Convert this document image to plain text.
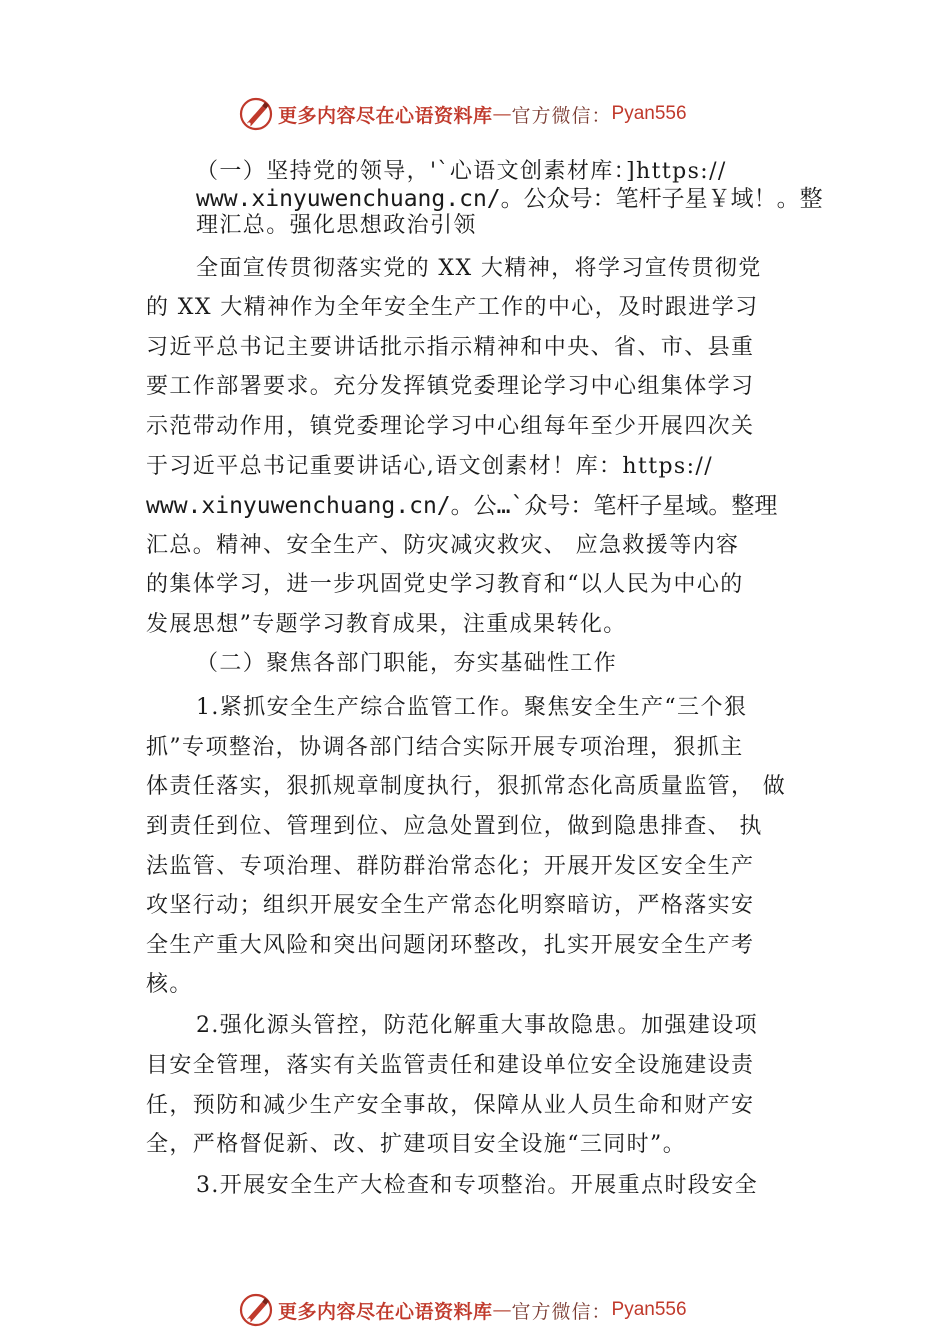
更多内容尽在心语资料库 — 官方微信： Pyan556
（一）坚持党的领导，'`心语文创素材库：]https://
www.xinyuwenchuang.cn/。公众号：笔杆子星￥域！。整
理汇总。强化思想政治引领
全面宣传贯彻落实党的 XX 大精神，将学习宣传贯彻党
的 XX 大精神作为全年安全生产工作的中心，及时跟进学习
习近平总书记主要讲话批示指示精神和中央、省、市、县重
要工作部署要求。充分发挥镇党委理论学习中心组集体学习
示范带动作用，镇党委理论学习中心组每年至少开展四次关
于习近平总书记重要讲话心,语文创素材！库：https://
www.xinyuwenchuang.cn/。公…`众号：笔杆子星域。整理
汇总。精神、安全生产、防灾减灾救灾、 应急救援等内容
的集体学习，进一步巩固党史学习教育和“以人民为中心的
发展思想”专题学习教育成果，注重成果转化。
（二）聚焦各部门职能，夯实基础性工作
1.紧抓安全生产综合监管工作。聚焦安全生产“三个狠
抓”专项整治，协调各部门结合实际开展专项治理，狠抓主
体责任落实，狠抓规章制度执行，狠抓常态化高质量监管， 做
到责任到位、管理到位、应急处置到位，做到隐患排查、 执
法监管、专项治理、群防群治常态化；开展开发区安全生产
攻坚行动；组织开展安全生产常态化明察暗访，严格落实安
全生产重大风险和突出问题闭环整改，扎实开展安全生产考
核。
2.强化源头管控，防范化解重大事故隐患。加强建设项
目安全管理，落实有关监管责任和建设单位安全设施建设责
任，预防和减少生产安全事故，保障从业人员生命和财产安
全，严格督促新、改、扩建项目安全设施“三同时”。
3.开展安全生产大检查和专项整治。开展重点时段安全
更多内容尽在心语资料库 — 官方微信： Pyan556
